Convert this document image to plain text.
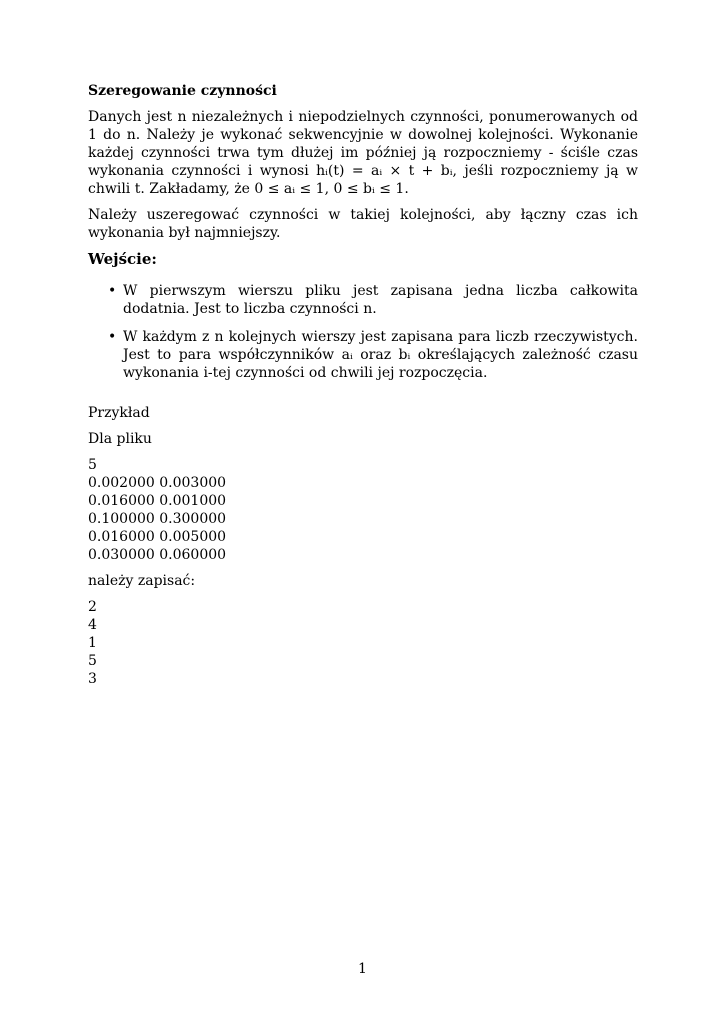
Szeregowanie czynności

Danych jest n niezależnych i niepodzielnych czynności, ponumerowanych od 1 do n. Należy je wykonać sekwencyjnie w dowolnej kolejności. Wykonanie każdej czynności trwa tym dłużej im później ją rozpoczniemy - ściśle czas wykonania czynności i wynosi hᵢ(t) = aᵢ × t + bᵢ, jeśli rozpoczniemy ją w chwili t. Zakładamy, że 0 ≤ aᵢ ≤ 1, 0 ≤ bᵢ ≤ 1.

Należy uszeregować czynności w takiej kolejności, aby łączny czas ich wykonania był najmniejszy.

Wejście:
• W pierwszym wierszu pliku jest zapisana jedna liczba całkowita dodatnia. Jest to liczba czynności n.
• W każdym z n kolejnych wierszy jest zapisana para liczb rzeczywistych. Jest to para współczynników aᵢ oraz bᵢ określających zależność czasu wykonania i-tej czynności od chwili jej rozpoczęcia.

Przykład

Dla pliku

5
0.002000 0.003000
0.016000 0.001000
0.100000 0.300000
0.016000 0.005000
0.030000 0.060000

należy zapisać:

2
4
1
5
3
1
